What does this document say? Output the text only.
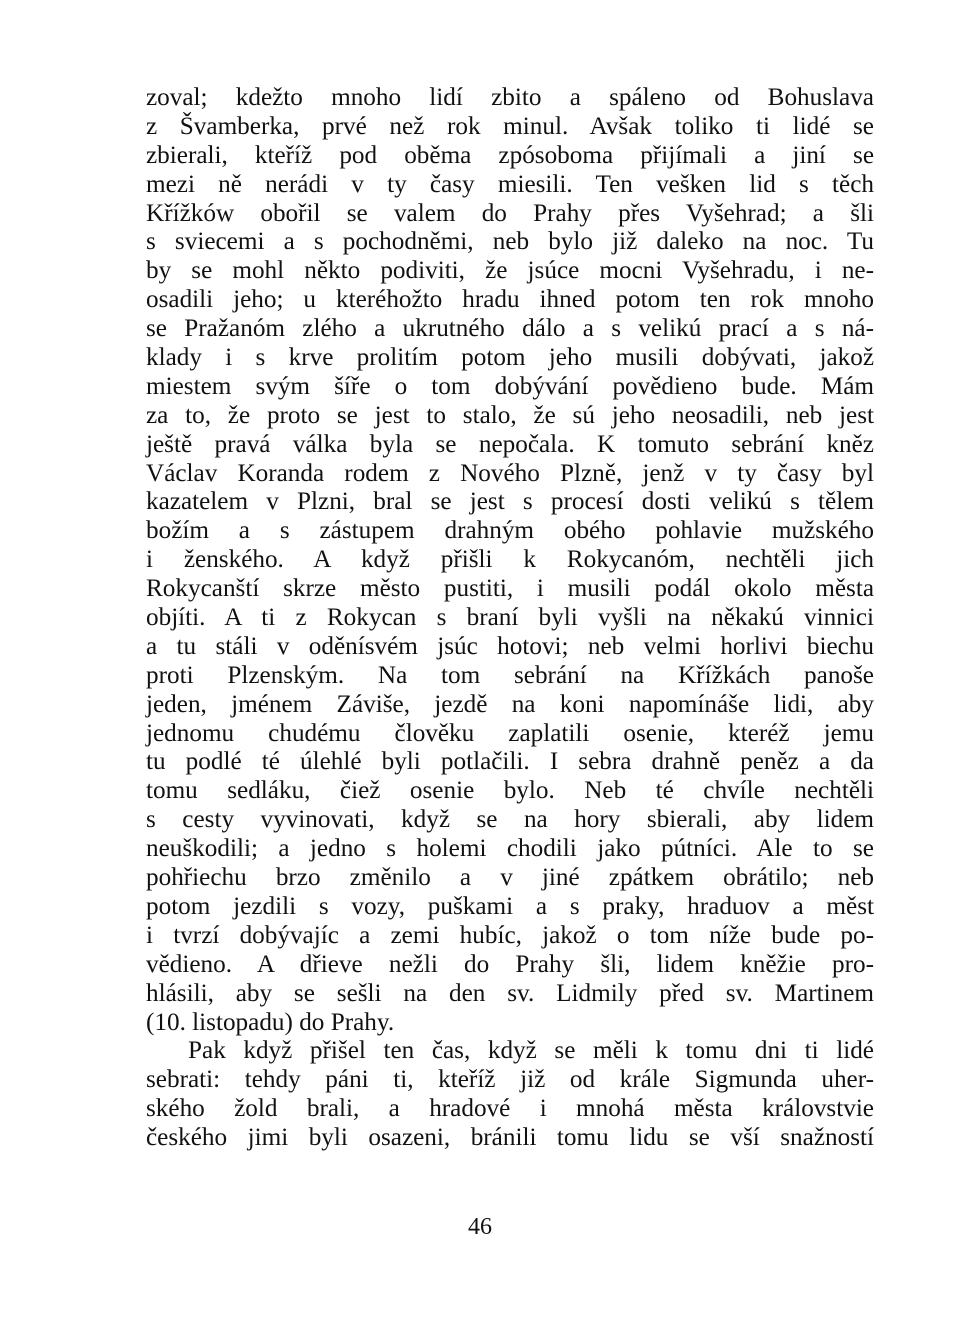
zoval; kdežto mnoho lidí zbito a spáleno od Bohuslava
z Švamberka, prvé než rok minul. Avšak toliko ti lidé se
zbierali, kteříž pod oběma zpósoboma přijímali a jiní se
mezi ně nerádi v ty časy miesili. Ten vešken lid s těch
Křížków obořil se valem do Prahy přes Vyšehrad; a šli
s sviecemi a s pochodněmi, neb bylo již daleko na noc. Tu
by se mohl někto podiviti, že jsúce mocni Vyšehradu, i ne-
osadili jeho; u kteréhožto hradu ihned potom ten rok mnoho
se Pražanóm zlého a ukrutného dálo a s velikú prací a s ná-
klady i s krve prolitím potom jeho musili dobývati, jakož
miestem svým šíře o tom dobývání povědieno bude. Mám
za to, že proto se jest to stalo, že sú jeho neosadili, neb jest
ještě pravá válka byla se nepočala. K tomuto sebrání kněz
Václav Koranda rodem z Nového Plzně, jenž v ty časy byl
kazatelem v Plzni, bral se jest s procesí dosti velikú s tělem
božím a s zástupem drahným obého pohlavie mužského
i ženského. A když přišli k Rokycanóm, nechtěli jich
Rokycanští skrze město pustiti, i musili podál okolo města
objíti. A ti z Rokycan s braní byli vyšli na někakú vinnici
a tu stáli v oděnísvém jsúc hotovi; neb velmi horlivi biechu
proti Plzenským. Na tom sebrání na Křížkách panoše
jeden, jménem Záviše, jezdě na koni napomínáše lidi, aby
jednomu chudému člověku zaplatili osenie, kteréž jemu
tu podlé té úlehlé byli potlačili. I sebra drahně peněz a da
tomu sedláku, čiež osenie bylo. Neb té chvíle nechtěli
s cesty vyvinovati, když se na hory sbierali, aby lidem
neuškodili; a jedno s holemi chodili jako pútníci. Ale to se
pohřiechu brzo změnilo a v jiné zpátkem obrátilo; neb
potom jezdili s vozy, puškami a s praky, hraduov a měst
i tvrzí dobývajíc a zemi hubíc, jakož o tom níže bude po-
vědieno. A dřieve nežli do Prahy šli, lidem kněžie pro-
hlásili, aby se sešli na den sv. Lidmily před sv. Martinem
(10. listopadu) do Prahy.
Pak když přišel ten čas, když se měli k tomu dni ti lidé
sebrati: tehdy páni ti, kteříž již od krále Sigmunda uher-
ského žold brali, a hradové i mnohá města královstvie
českého jimi byli osazeni, bránili tomu lidu se vší snažností
46
